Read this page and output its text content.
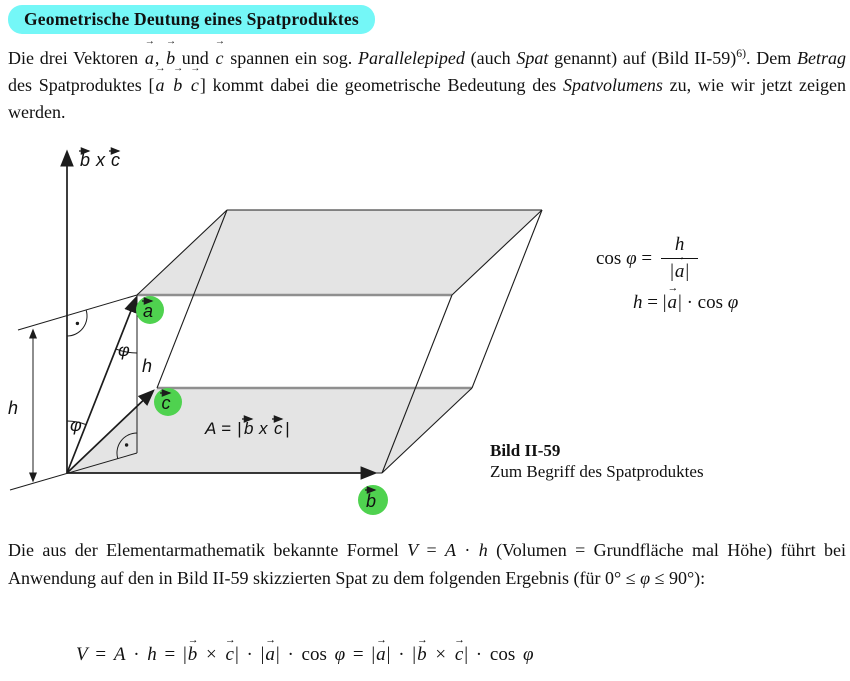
Geometrische Deutung eines Spatproduktes

Die drei Vektoren a →, b → und c → spannen ein sog. Parallelepiped (auch Spat genannt) auf (Bild II-59)$^{6)}$. Dem Betrag des Spatproduktes [a → b → c →] kommt dabei die geometrische Bedeutung des Spatvolumens zu, wie wir jetzt zeigen werden.

a
c
b
b x c
φ
φ
h
h
A = | b x c |
Bild II-59
Zum Begriff des Spatproduktes
$\cos \varphi = \frac{h}{|a \to|}$
h = |a →| · cos φ

Die aus der Elementarmathematik bekannte Formel V = A · h (Volumen = Grundfläche mal Höhe) führt bei Anwendung auf den in Bild II-59 skizzierten Spat zu dem folgenden Ergebnis (für 0° ≤ φ ≤ 90°):

V = A · h = |b → × c →| · |a →| · cos φ = |a →| · |b → × c →| · cos φ
